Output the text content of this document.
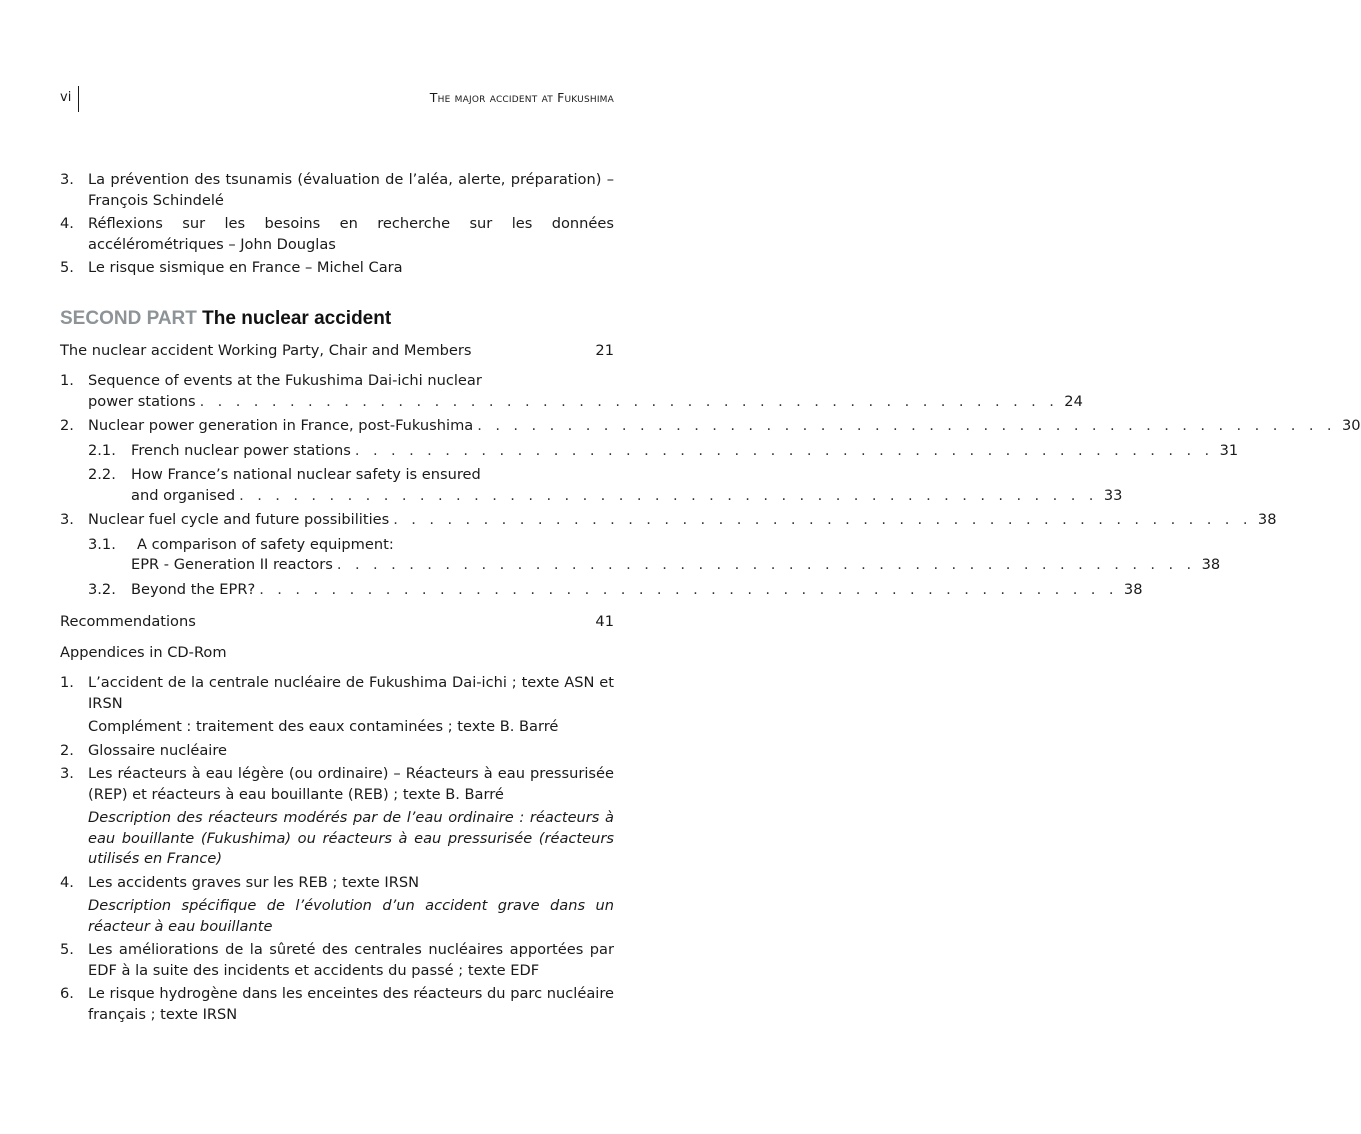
vi	The major accident at Fukushima
3. La prévention des tsunamis (évaluation de l’aléa, alerte, préparation) – François Schindelé
4. Réflexions sur les besoins en recherche sur les données accélérométriques – John Douglas
5. Le risque sismique en France – Michel Cara
SECOND PART The nuclear accident
The nuclear accident Working Party, Chair and Members	21
1. Sequence of events at the Fukushima Dai-ichi nuclear
power stations . . . . . . . . . . . . . . . . . . . . . . . . . . . . . . . . . . . . . . . . . . . . . . . . 24
2. Nuclear power generation in France, post-Fukushima . . . . . . . . . . . . . . . . . . . . . . . . . . . . . . . . . . . . . . . . . . . . . . . . 30
2.1. French nuclear power stations . . . . . . . . . . . . . . . . . . . . . . . . . . . . . . . . . . . . . . . . . . . . . . . . 31
2.2. How France’s national nuclear safety is ensured
and organised . . . . . . . . . . . . . . . . . . . . . . . . . . . . . . . . . . . . . . . . . . . . . . . . 33
3. Nuclear fuel cycle and future possibilities . . . . . . . . . . . . . . . . . . . . . . . . . . . . . . . . . . . . . . . . . . . . . . . . 38
3.1.	A comparison of safety equipment:
EPR - Generation II reactors . . . . . . . . . . . . . . . . . . . . . . . . . . . . . . . . . . . . . . . . . . . . . . . . 38
3.2. Beyond the EPR? . . . . . . . . . . . . . . . . . . . . . . . . . . . . . . . . . . . . . . . . . . . . . . . . 38
Recommendations	41
Appendices in CD-Rom
1. L’accident de la centrale nucléaire de Fukushima Dai-ichi ; texte ASN et IRSN
Complément : traitement des eaux contaminées ; texte B. Barré
2. Glossaire nucléaire
3. Les réacteurs à eau légère (ou ordinaire) – Réacteurs à eau pressurisée (REP) et réacteurs à eau bouillante (REB) ; texte B. Barré
Description des réacteurs modérés par de l’eau ordinaire : réacteurs à eau bouillante (Fukushima) ou réacteurs à eau pressurisée (réacteurs utilisés en France)
4. Les accidents graves sur les REB ; texte IRSN
Description spécifique de l’évolution d’un accident grave dans un réacteur à eau bouillante
5. Les améliorations de la sûreté des centrales nucléaires apportées par EDF à la suite des incidents et accidents du passé ; texte EDF
6. Le risque hydrogène dans les enceintes des réacteurs du parc nucléaire français ; texte IRSN
